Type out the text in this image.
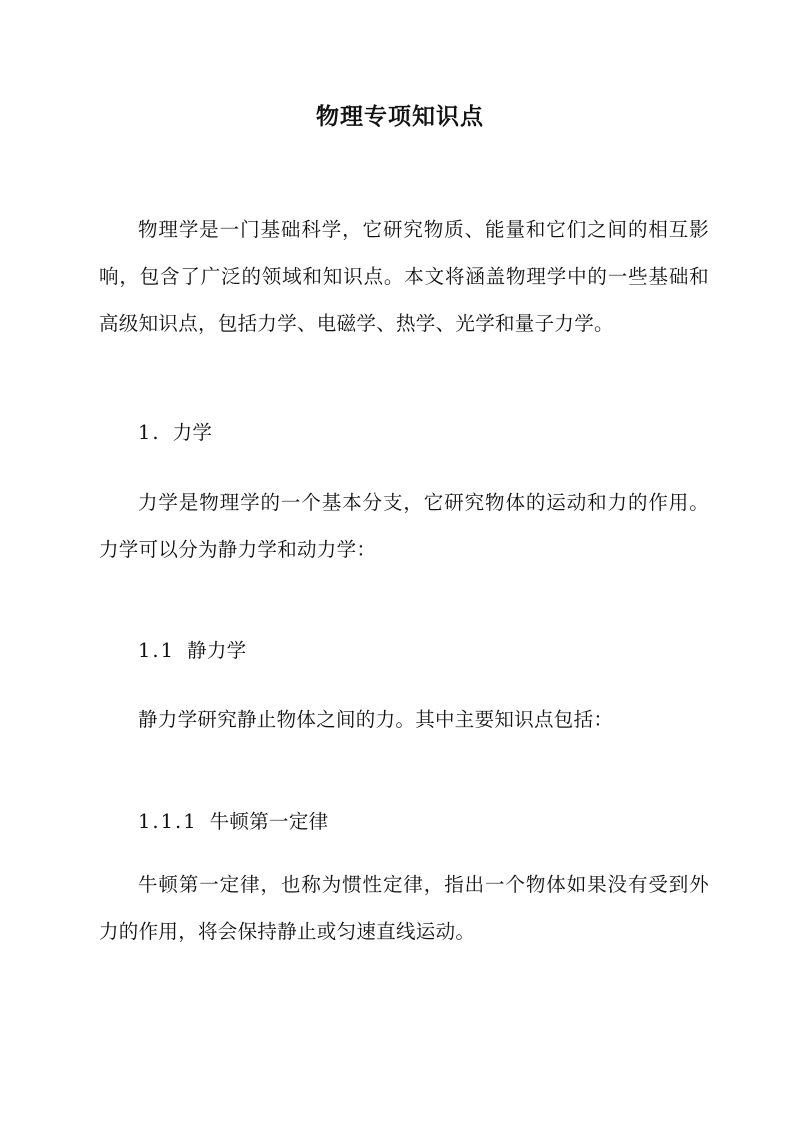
物理专项知识点

物理学是一门基础科学，它研究物质、能量和它们之间的相互影响，包含了广泛的领域和知识点。本文将涵盖物理学中的一些基础和高级知识点，包括力学、电磁学、热学、光学和量子力学。

1. 力学

力学是物理学的一个基本分支，它研究物体的运动和力的作用。力学可以分为静力学和动力学：

1.1 静力学

静力学研究静止物体之间的力。其中主要知识点包括：

1.1.1 牛顿第一定律

牛顿第一定律，也称为惯性定律，指出一个物体如果没有受到外力的作用，将会保持静止或匀速直线运动。
